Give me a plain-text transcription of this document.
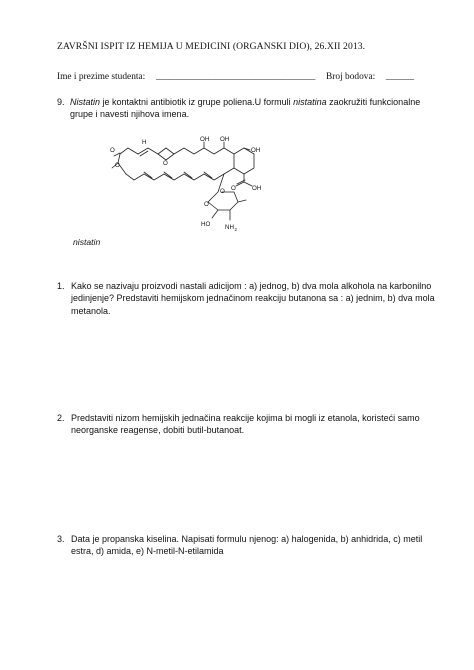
ZAVRŠNI ISPIT IZ HEMIJA U MEDICINI (ORGANSKI DIO), 26.XII 2013.
Ime i prezime studenta: __________________________________ Broj bodova: ______
9. Nistatin je kontaktni antibiotik iz grupe poliena.U formuli nistatina zaokružiti funkcionalne grupe i navesti njihova imena.
O
O	O
H	OH OH
OH
OH
O
O
O
HO NH 2
nistatin
1. Kako se nazivaju proizvodi nastali adicijom : a) jednog, b) dva mola alkohola na karbonilno jedinjenje? Predstaviti hemijskom jednačinom reakciju butanona sa : a) jednim, b) dva mola metanola.
2. Predstaviti nizom hemijskih jednačina reakcije kojima bi mogli iz etanola, koristeći samo neorganske reagense, dobiti butil-butanoat.
3. Data je propanska kiselina. Napisati formulu njenog: a) halogenida, b) anhidrida, c) metil estra, d) amida, e) N-metil-N-etilamida
